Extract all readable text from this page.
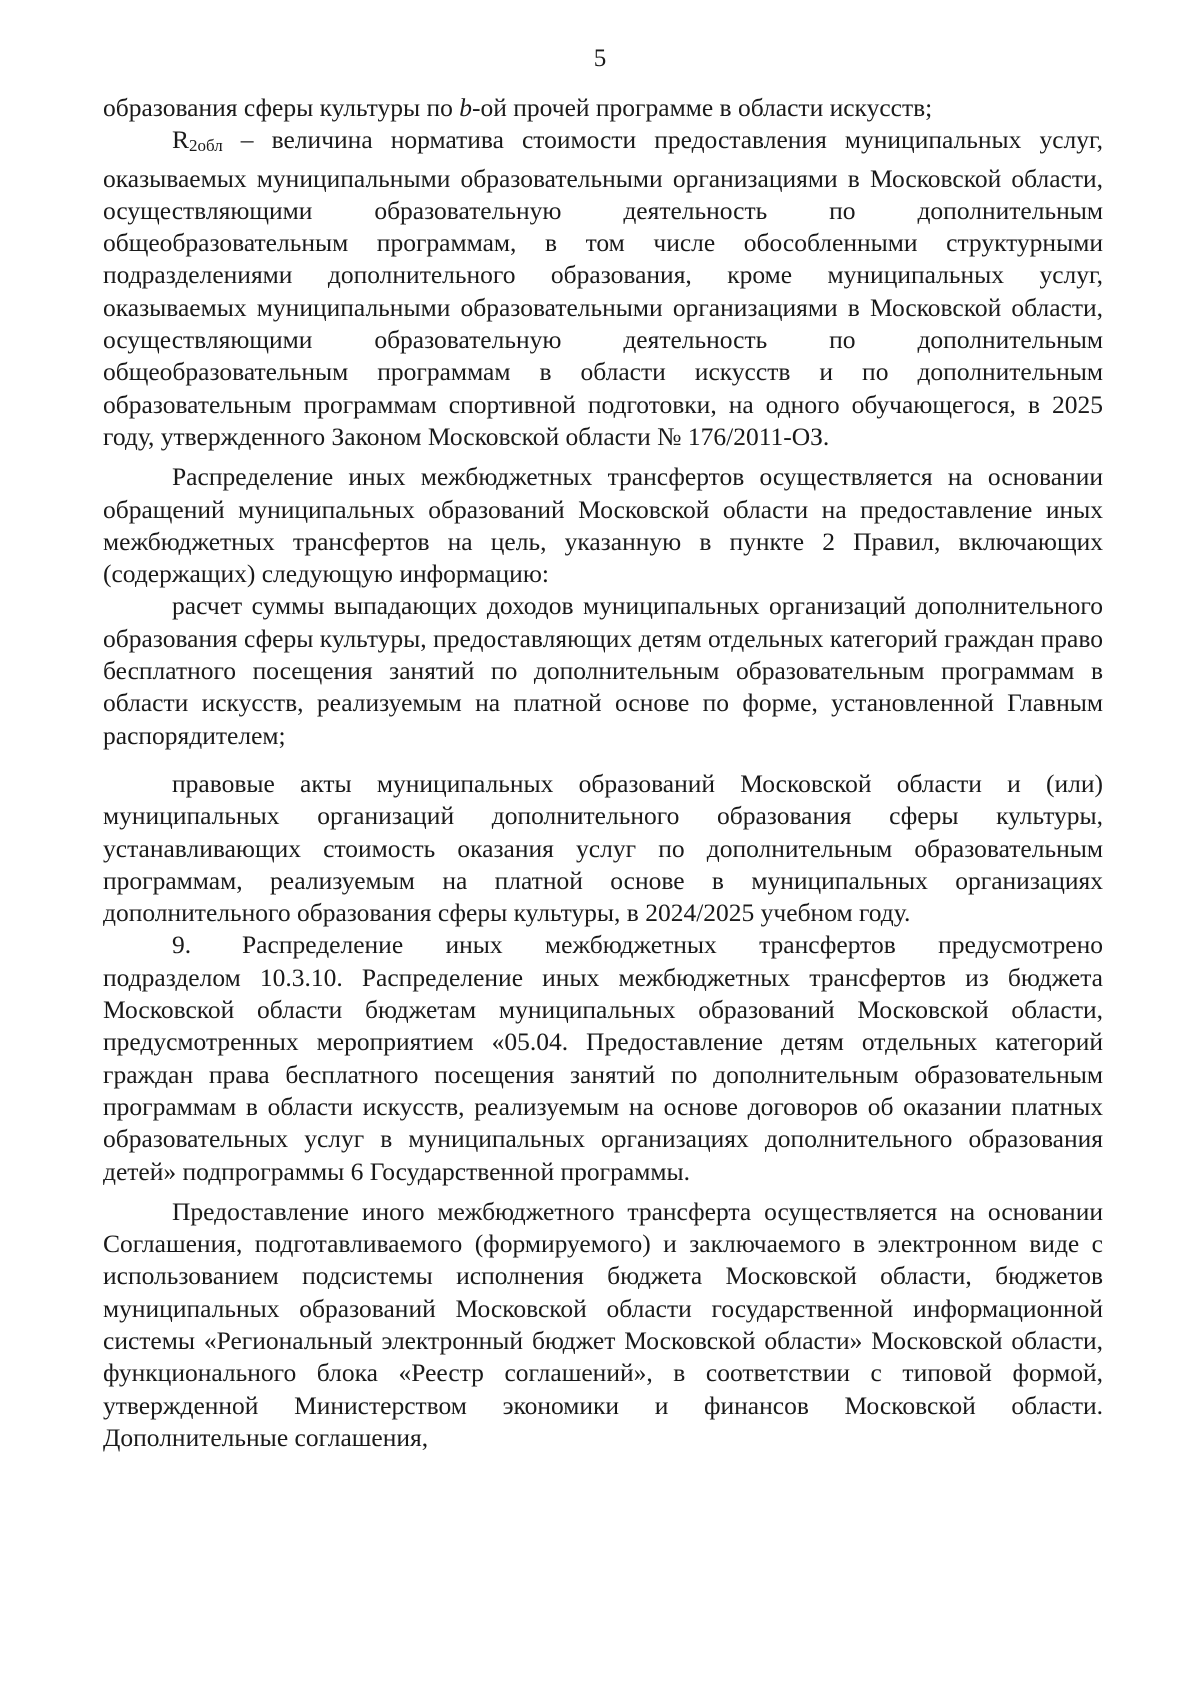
5

образования сферы культуры по b-ой прочей программе в области искусств;

R2обл – величина норматива стоимости предоставления муниципальных услуг, оказываемых муниципальными образовательными организациями в Московской области, осуществляющими образовательную деятельность по дополнительным общеобразовательным программам, в том числе обособленными структурными подразделениями дополнительного образования, кроме муниципальных услуг, оказываемых муниципальными образовательными организациями в Московской области, осуществляющими образовательную деятельность по дополнительным общеобразовательным программам в области искусств и по дополнительным образовательным программам спортивной подготовки, на одного обучающегося, в 2025 году, утвержденного Законом Московской области № 176/2011-ОЗ.

Распределение иных межбюджетных трансфертов осуществляется на основании обращений муниципальных образований Московской области на предоставление иных межбюджетных трансфертов на цель, указанную в пункте 2 Правил, включающих (содержащих) следующую информацию:

расчет суммы выпадающих доходов муниципальных организаций дополнительного образования сферы культуры, предоставляющих детям отдельных категорий граждан право бесплатного посещения занятий по дополнительным образовательным программам в области искусств, реализуемым на платной основе по форме, установленной Главным распорядителем;

правовые акты муниципальных образований Московской области и (или) муниципальных организаций дополнительного образования сферы культуры, устанавливающих стоимость оказания услуг по дополнительным образовательным программам, реализуемым на платной основе в муниципальных организациях дополнительного образования сферы культуры, в 2024/2025 учебном году.

9. Распределение иных межбюджетных трансфертов предусмотрено подразделом 10.3.10. Распределение иных межбюджетных трансфертов из бюджета Московской области бюджетам муниципальных образований Московской области, предусмотренных мероприятием «05.04. Предоставление детям отдельных категорий граждан права бесплатного посещения занятий по дополнительным образовательным программам в области искусств, реализуемым на основе договоров об оказании платных образовательных услуг в муниципальных организациях дополнительного образования детей» подпрограммы 6 Государственной программы.

Предоставление иного межбюджетного трансферта осуществляется на основании Соглашения, подготавливаемого (формируемого) и заключаемого в электронном виде с использованием подсистемы исполнения бюджета Московской области, бюджетов муниципальных образований Московской области государственной информационной системы «Региональный электронный бюджет Московской области» Московской области, функционального блока «Реестр соглашений», в соответствии с типовой формой, утвержденной Министерством экономики и финансов Московской области. Дополнительные соглашения,
